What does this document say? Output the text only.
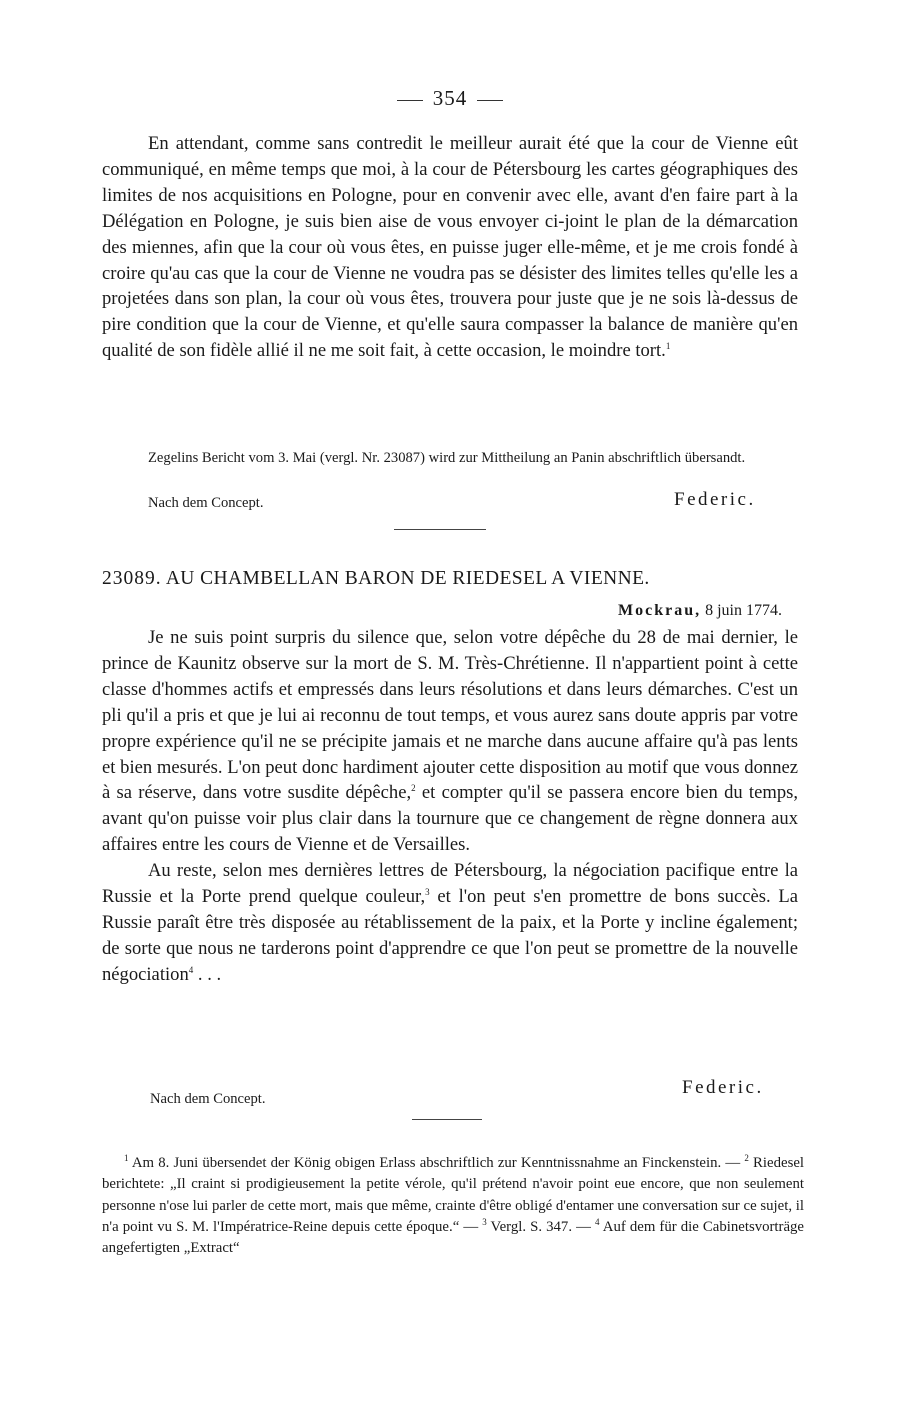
354

En attendant, comme sans contredit le meilleur aurait été que la cour de Vienne eût communiqué, en même temps que moi, à la cour de Pétersbourg les cartes géographiques des limites de nos acquisitions en Pologne, pour en convenir avec elle, avant d'en faire part à la Délégation en Pologne, je suis bien aise de vous envoyer ci-joint le plan de la démarcation des miennes, afin que la cour où vous êtes, en puisse juger elle-même, et je me crois fondé à croire qu'au cas que la cour de Vienne ne voudra pas se désister des limites telles qu'elle les a projetées dans son plan, la cour où vous êtes, trouvera pour juste que je ne sois là-dessus de pire condition que la cour de Vienne, et qu'elle saura compasser la balance de manière qu'en qualité de son fidèle allié il ne me soit fait, à cette occasion, le moindre tort.$^1$

Zegelins Bericht vom 3. Mai (vergl. Nr. 23087) wird zur Mittheilung an Panin abschriftlich übersandt.

Nach dem Concept.	Federic.
23089. AU CHAMBELLAN BARON DE RIEDESEL A VIENNE.
Mockrau, 8 juin 1774.

Je ne suis point surpris du silence que, selon votre dépêche du 28 de mai dernier, le prince de Kaunitz observe sur la mort de S. M. Très-Chrétienne. Il n'appartient point à cette classe d'hommes actifs et empressés dans leurs résolutions et dans leurs démarches. C'est un pli qu'il a pris et que je lui ai reconnu de tout temps, et vous aurez sans doute appris par votre propre expérience qu'il ne se précipite jamais et ne marche dans aucune affaire qu'à pas lents et bien mesurés. L'on peut donc hardiment ajouter cette disposition au motif que vous donnez à sa réserve, dans votre susdite dépêche,$^2$ et compter qu'il se passera encore bien du temps, avant qu'on puisse voir plus clair dans la tournure que ce changement de règne donnera aux affaires entre les cours de Vienne et de Versailles.

Au reste, selon mes dernières lettres de Pétersbourg, la négociation pacifique entre la Russie et la Porte prend quelque couleur,$^3$ et l'on peut s'en promettre de bons succès. La Russie paraît être très disposée au rétablissement de la paix, et la Porte y incline également; de sorte que nous ne tarderons point d'apprendre ce que l'on peut se promettre de la nouvelle négociation$^4$ . . .

Federic.
Nach dem Concept.

$^1$ Am 8. Juni übersendet der König obigen Erlass abschriftlich zur Kenntnissnahme an Finckenstein. — $^2$ Riedesel berichtete: „Il craint si prodigieusement la petite vérole, qu'il prétend n'avoir point eue encore, que non seulement personne n'ose lui parler de cette mort, mais que même, crainte d'être obligé d'entamer une conversation sur ce sujet, il n'a point vu S. M. l'Impératrice-Reine depuis cette époque.“ — $^3$ Vergl. S. 347. — $^4$ Auf dem für die Cabinetsvorträge angefertigten „Extract“
